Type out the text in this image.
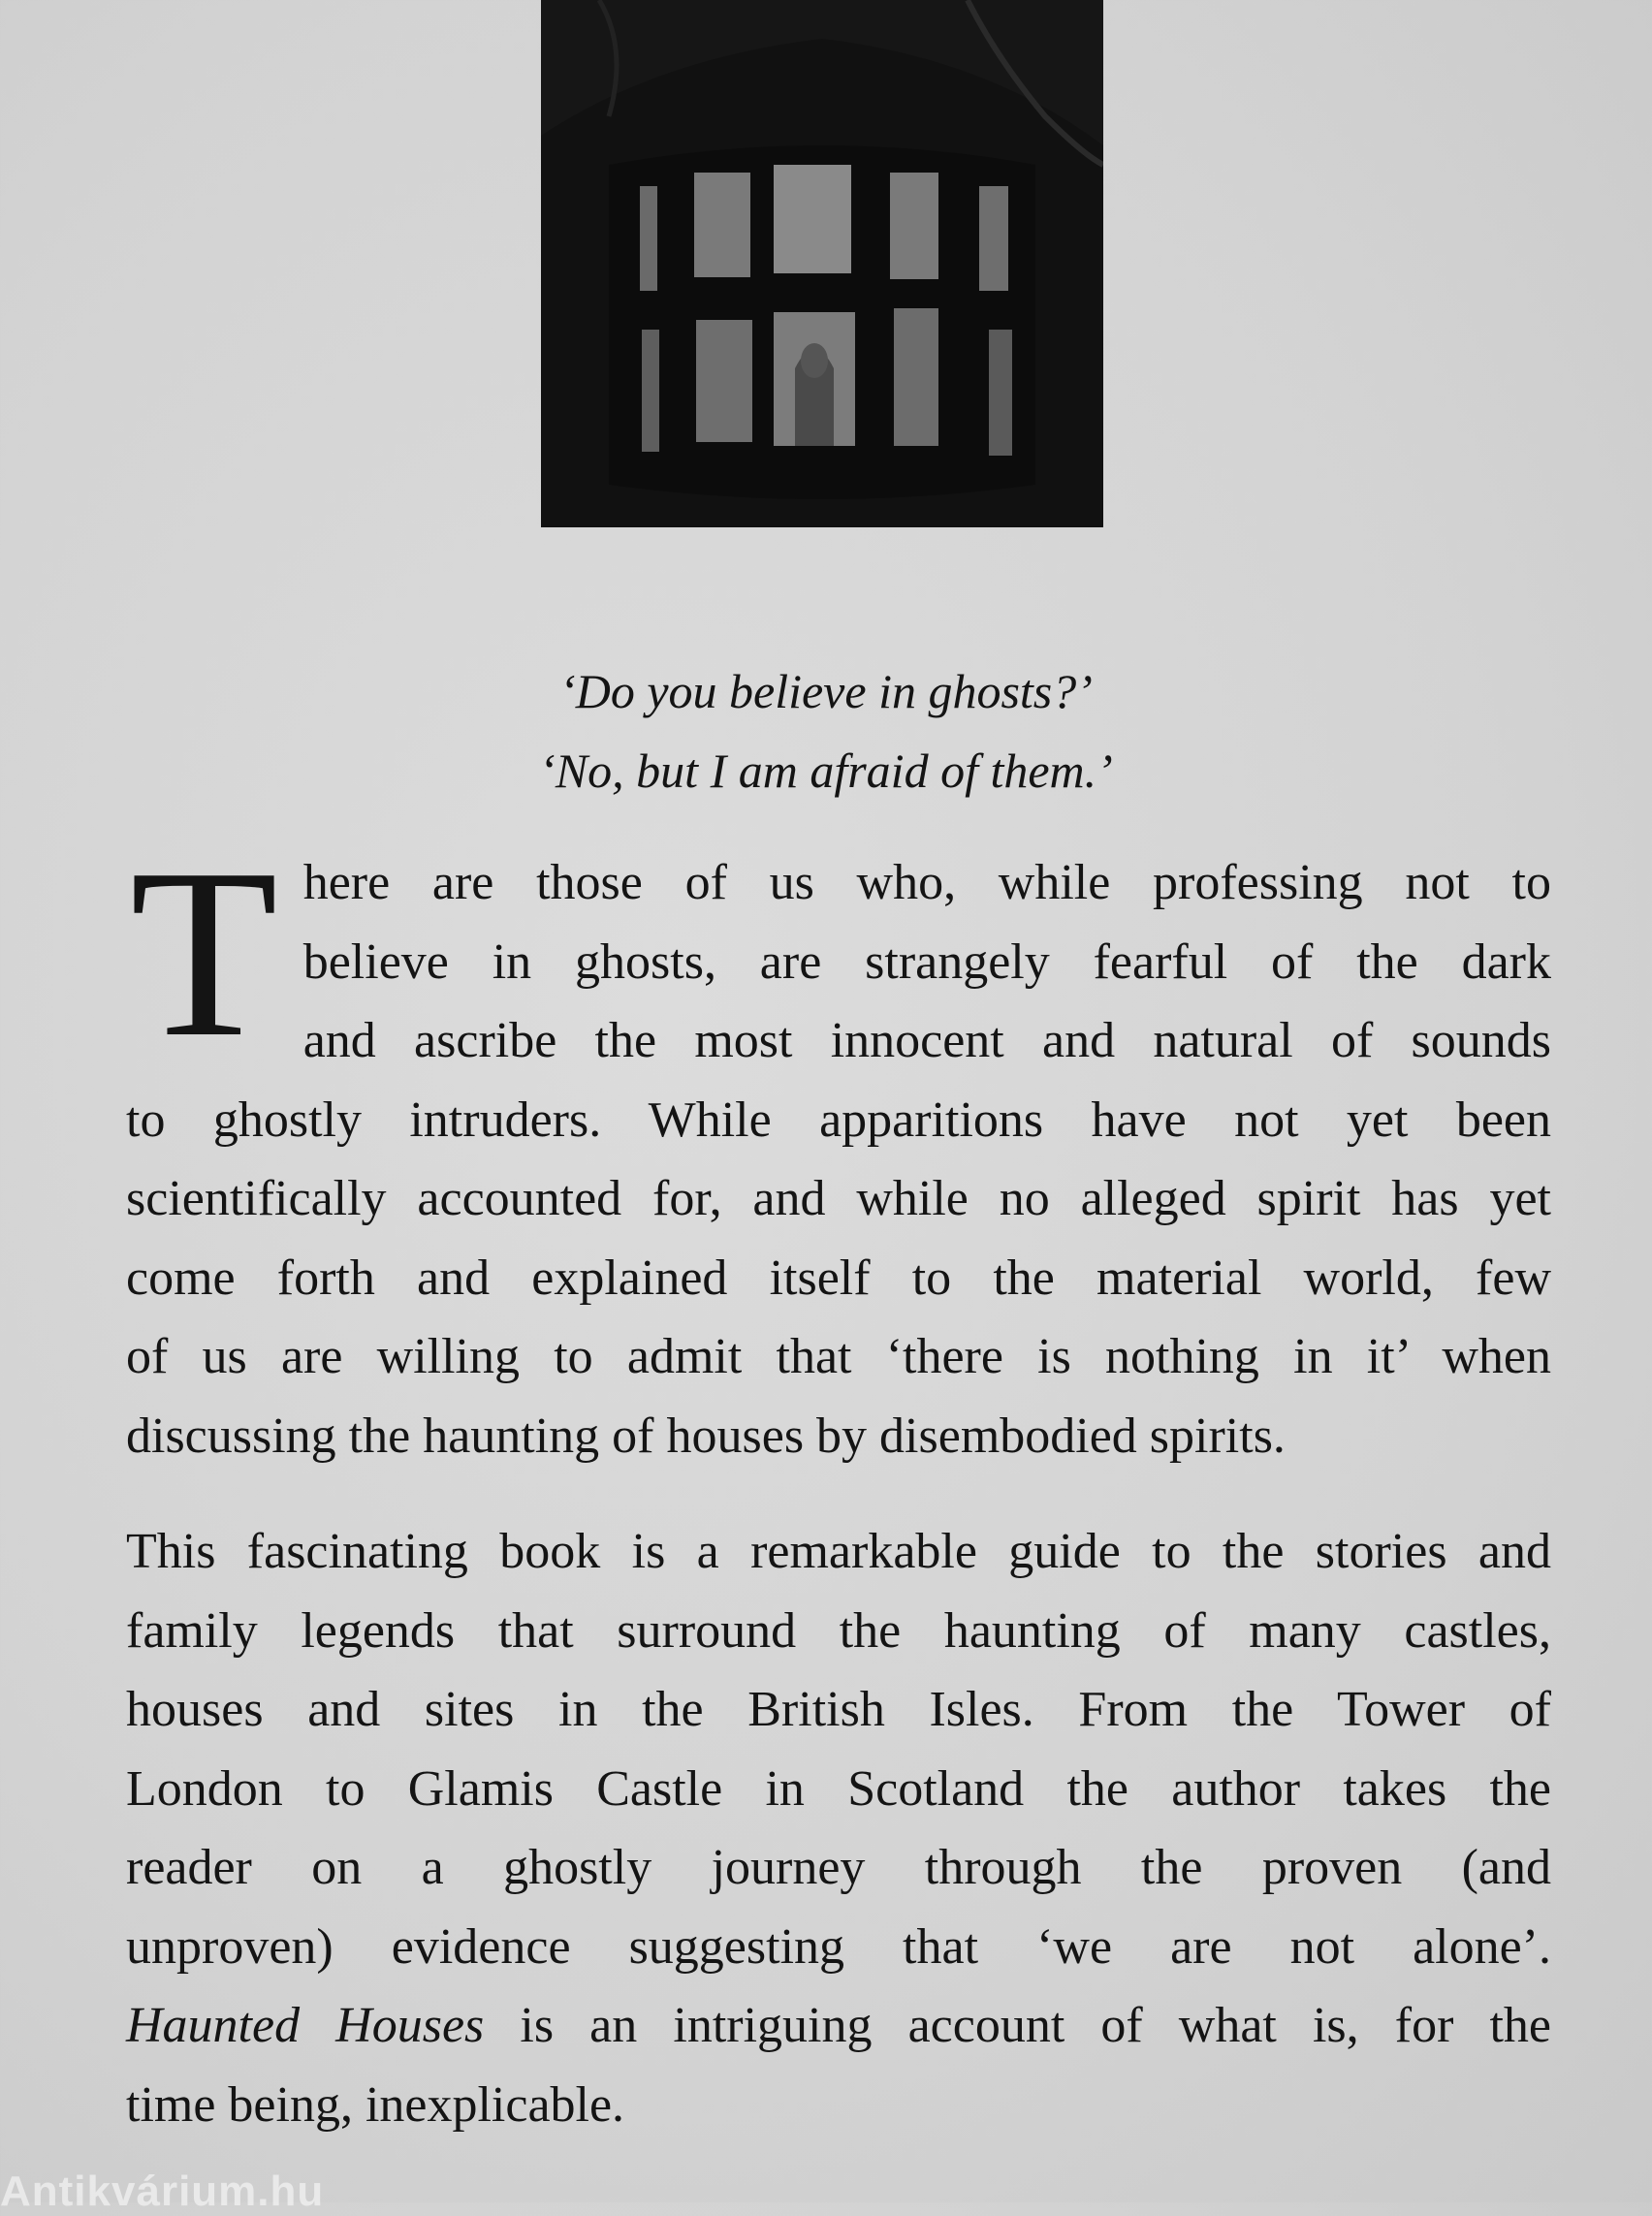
‘Do you believe in ghosts?’
‘No, but I am afraid of them.’
T here are those of us who, while professing not to
believe in ghosts, are strangely fearful of the dark
and ascribe the most innocent and natural of sounds
to ghostly intruders. While apparitions have not yet been
scientifically accounted for, and while no alleged spirit has yet
come forth and explained itself to the material world, few
of us are willing to admit that ‘there is nothing in it’ when
discussing the haunting of houses by disembodied spirits.
This fascinating book is a remarkable guide to the stories and
family legends that surround the haunting of many castles,
houses and sites in the British Isles. From the Tower of
London to Glamis Castle in Scotland the author takes the
reader on a ghostly journey through the proven (and
unproven) evidence suggesting that ‘we are not alone’.
Haunted Houses is an intriguing account of what is, for the
time being, inexplicable.
Antikvárium.hu
